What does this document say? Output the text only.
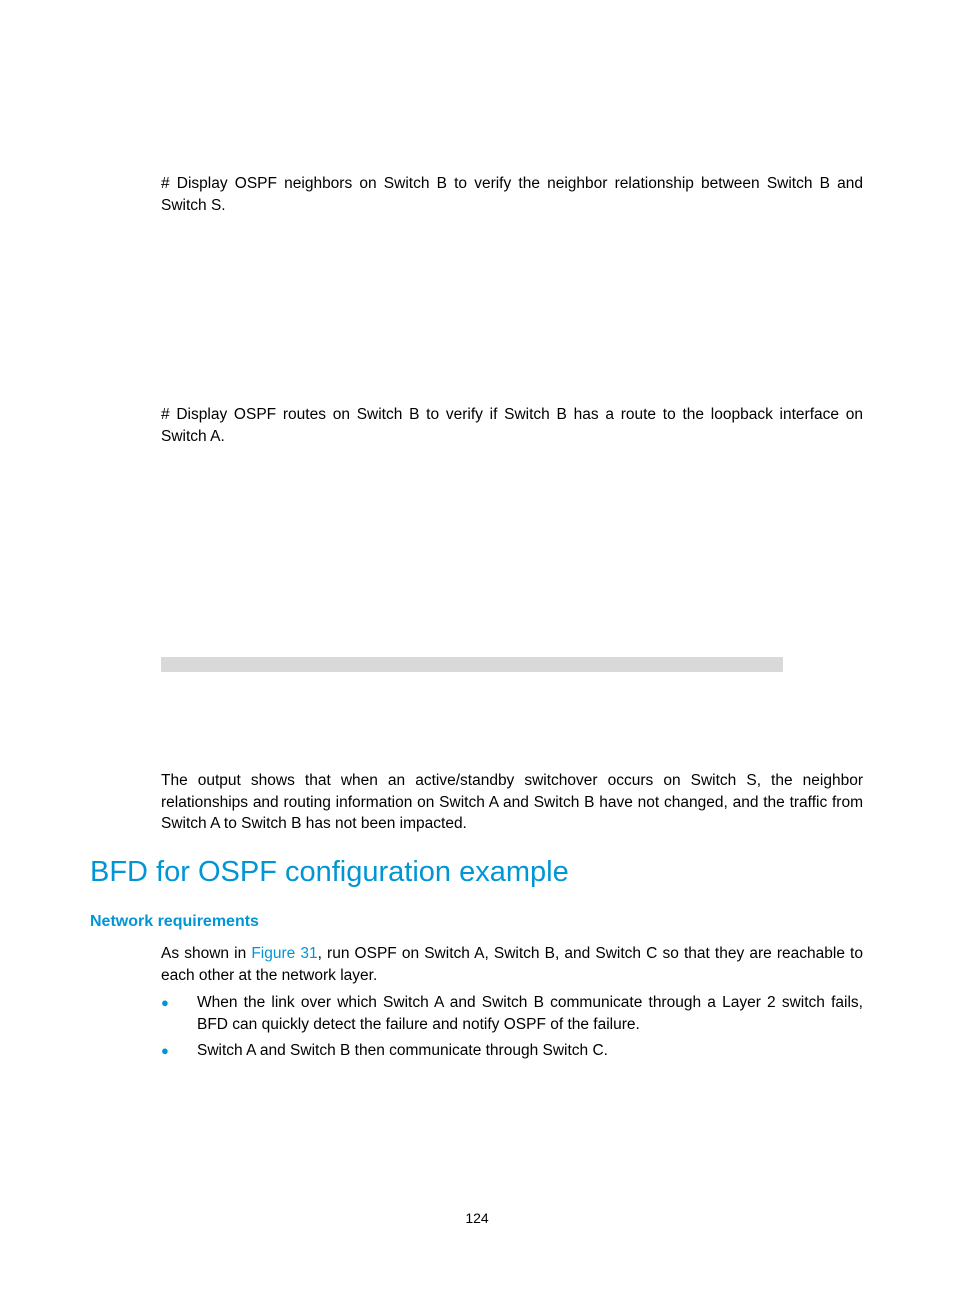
# Display OSPF neighbors on Switch B to verify the neighbor relationship between Switch B and Switch S.

# Display OSPF routes on Switch B to verify if Switch B has a route to the loopback interface on Switch A.

The output shows that when an active/standby switchover occurs on Switch S, the neighbor relationships and routing information on Switch A and Switch B have not changed, and the traffic from Switch A to Switch B has not been impacted.

BFD for OSPF configuration example
Network requirements

As shown in Figure 31, run OSPF on Switch A, Switch B, and Switch C so that they are reachable to each other at the network layer.

● When the link over which Switch A and Switch B communicate through a Layer 2 switch fails, BFD can quickly detect the failure and notify OSPF of the failure.
● Switch A and Switch B then communicate through Switch C.
124
